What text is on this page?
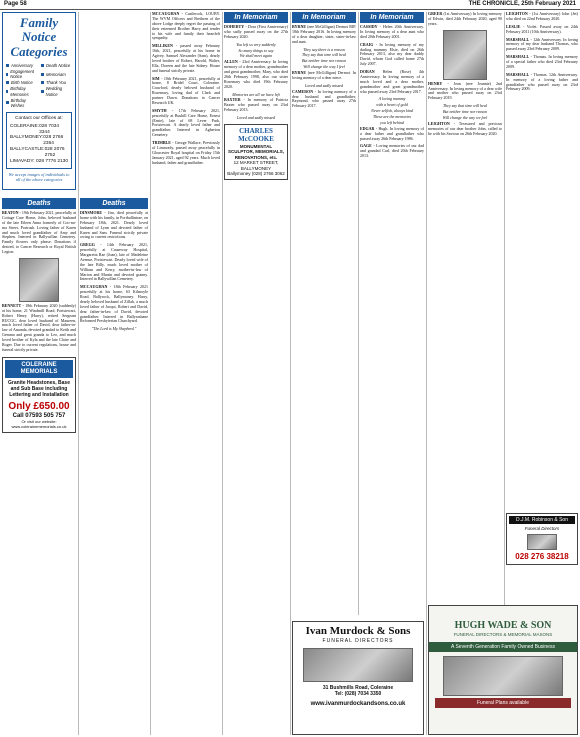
Page 58	THE CHRONICLE, 25th February 2021
Family Notice
Categories
Anniversary	Death Notice
Engagement Notice
Memoriam
Birth Notice	Thank You
Birthday Memories
Wedding Notice
Birthday Wishes
Contact our Offices at:
COLERAINE: 028 7034 3344
BALLYMONEY: 028 2766 2364
BALLYCASTLE: 028 2076 2752
LIMAVADY: 028 7776 2130
We accept images of individuals to all of the above categories
Deaths
BEATON - 19th February 2021, peacefully at Cottage Care Home, John, beloved husband of the late Eileen Anna formerly of Coo-na-ma Street, Portrush. Loving father of Karen and much loved grandfather of Amy and Stephen. Interred in Ballywillan Cemetery. Family flowers only please. Donations if desired, to Cancer Research or Royal British Legion.
BENNETT - 18th February 2020 (suddenly) at his home, 21 Windmill Road, Portstewart, Robert Henry (Harry), retired Sergeant RUCGC, dear loved husband of Maureen, much loved father of David, dear father-in-law of Amanda, devoted grandad to Keith and Gemma and great granda to Leo, and much loved brother of Kyla and the late Claire and Roger. Due to current regulations, house and funeral strictly private.
COLERAINE MEMORIALS
Granite Headstones, Base and Sub Base including Lettering and Installation
Only £650.00
Call 07593 505 757
Or visit our website: www.colerainememorials.co.uk
Deaths
DINSMORE - Jim, died peacefully at home with his family, in Portballintrae, on February 18th, 2021. Dearly loved husband of Lynn and devoted father of Karen and Sam. Funeral strictly private owing to current restrictions.
GREGG - 14th February 2021, peacefully at Causeway Hospital, Margaretta Rae (Joan), late of Madeleine Avenue, Portstewart. Dearly loved wife of the late Billy, much loved mother of William and Kerry, mother-in-law of Marion and Martin and devoted granny. Interred in Ballywillan Cemetery.
MCCAUGHAN - 18th February 2021 peacefully at his home, 63 Kilmoyle Road, Ballyrock, Ballymoney. Harry, dearly beloved husband of Zillah, a much loved father of Jacqui, Robert and David, dear father-in-law of David, devoted grandfather. Interred in Ballyrashane Reformed Presbyterian Churchyard.
"The Lord is My Shepherd."
MCCAUGHAN - Castlerock, LOUBY. The WVM Officers and Brethren of the above Lodge deeply regret the passing of their esteemed Brother Harry and tender to his wife and family their heartfelt sympathy.
MILLIKEN - passed away February 16th, 2021, peacefully at his home in Agivey, Samuel Alexander (Sam), dearly loved brother of Robert, Harold, Walter, Ella, Doreen and the late Sidney. House and funeral strictly private.
SIM - 10th February 2021, peacefully at home, 8 Bridel Court, Coleraine. Crawford, dearly beloved husband of Rosemary, loving dad of Clark and partner Dawn. Donations to Cancer Research UK.
SMYTH - 17th February 2021, peacefully at Bushill Care Home, Ernest (Ernie), late of 68 Lever Park, Portstewart. A dearly loved father and grandfather. Interred in Agherton Cemetery.
TRIMBLE - George Wallace, Previously of Limavady, passed away peacefully in Gloucester Royal hospital on Friday 15th January 2021, aged 92 years. Much loved husband, father and grandfather.
In Memoriam
DOHERTY - Dora (First Anniversary) who sadly passed away on the 27th February 2020.
You left so very suddenly
So many things to say
We shall meet again
ALLEN - 23rd Anniversary. In loving memory of a dear mother, grandmother and great grandmother, Mary, who died 26th February 1998, also our sister Rosemary who died 19th February 2020.
Memories are all we have left
BAXTER - In memory of Patricia Baxter who passed away on 23rd February 2013.
Loved and sadly missed
CHARLES McCOOKE
MONUMENTAL SCULPTOR, MEMORIALS, RENOVATIONS, etc.
12 MARKET STREET, BALLYMONEY
Ballymoney (028) 2766 3062
In Memoriam
BYRNE (nee McGilligan) Dermot RIP. 18th February 2016. In loving memory of a dear daughter, sister, sister-in-law and aunt.
They say there is a reason
They say that time will heal
But neither time nor reason
Will change the way I feel
BYRNE (nee McGilligan) Dermot. In loving memory of a dear niece.
Loved and sadly missed
CAMERON - In loving memory of a dear husband and grandfather, Raymond, who passed away 27th February 2017.
In Memoriam
CASSIDY - Helen 20th Anniversary. In loving memory of a dear aunt who died 20th February 2001.
CRAIG - In loving memory of my darling mummy Elsie, died on 26th February 2013, also my dear daddy David, whom God called home 27th July 2007.
DORAN Helen (Rose) 4th Anniversary. In loving memory of a much loved and a dear mother, grandmother and great grandmother who passed away 23rd February 2017.
A loving mummy
with a heart of gold
Never selfish, always kind
These are the memories
you left behind
EDGAR - Hugh. In loving memory of a dear father and grandfather who passed away 26th February 1986.
GAGE - Loving memories of our dad and grandad Carl, died 20th February 2013.
GREER (1st Anniversary) In loving memory of Edwin, died 24th February 2020, aged 90 years.
HENRY - Jean (nee Jeannie) 2nd Anniversary. In loving memory of a dear wife and mother who passed away on 23rd February 2019.
They say that time will heal
But neither time nor reason
Will change the way we feel
LEIGHTON - Treasured and precious memories of our dear brother John, called to be with his Saviour on 26th February 2020.
LEIGHTON - (1st Anniversary) John (Jet) who died on 22nd February 2020.
LESLIE - Violet. Passed away on 24th February 2011 (10th Anniversary).
MARSHALL - 12th Anniversary. In loving memory of my dear husband Thomas, who passed away 23rd February 2009.
MARSHALL - Thomas. In loving memory of a special father who died 23rd February 2009.
MARSHALL - Thomas. 12th Anniversary. In memory of a loving father and grandfather who passed away on 23rd February 2009.
D.J.M. Robinson & Son
Funeral Directors
028 276 38218
HUGH WADE & SON
FUNERAL DIRECTORS & MEMORIAL MASONS
A Seventh Generation Family Owned Business
Funeral Plans available
Ivan Murdock & Sons
FUNERAL DIRECTORS
31 Bushmills Road, Coleraine
Tel: (028) 7034 3350
www.ivanmurdockandsons.co.uk
